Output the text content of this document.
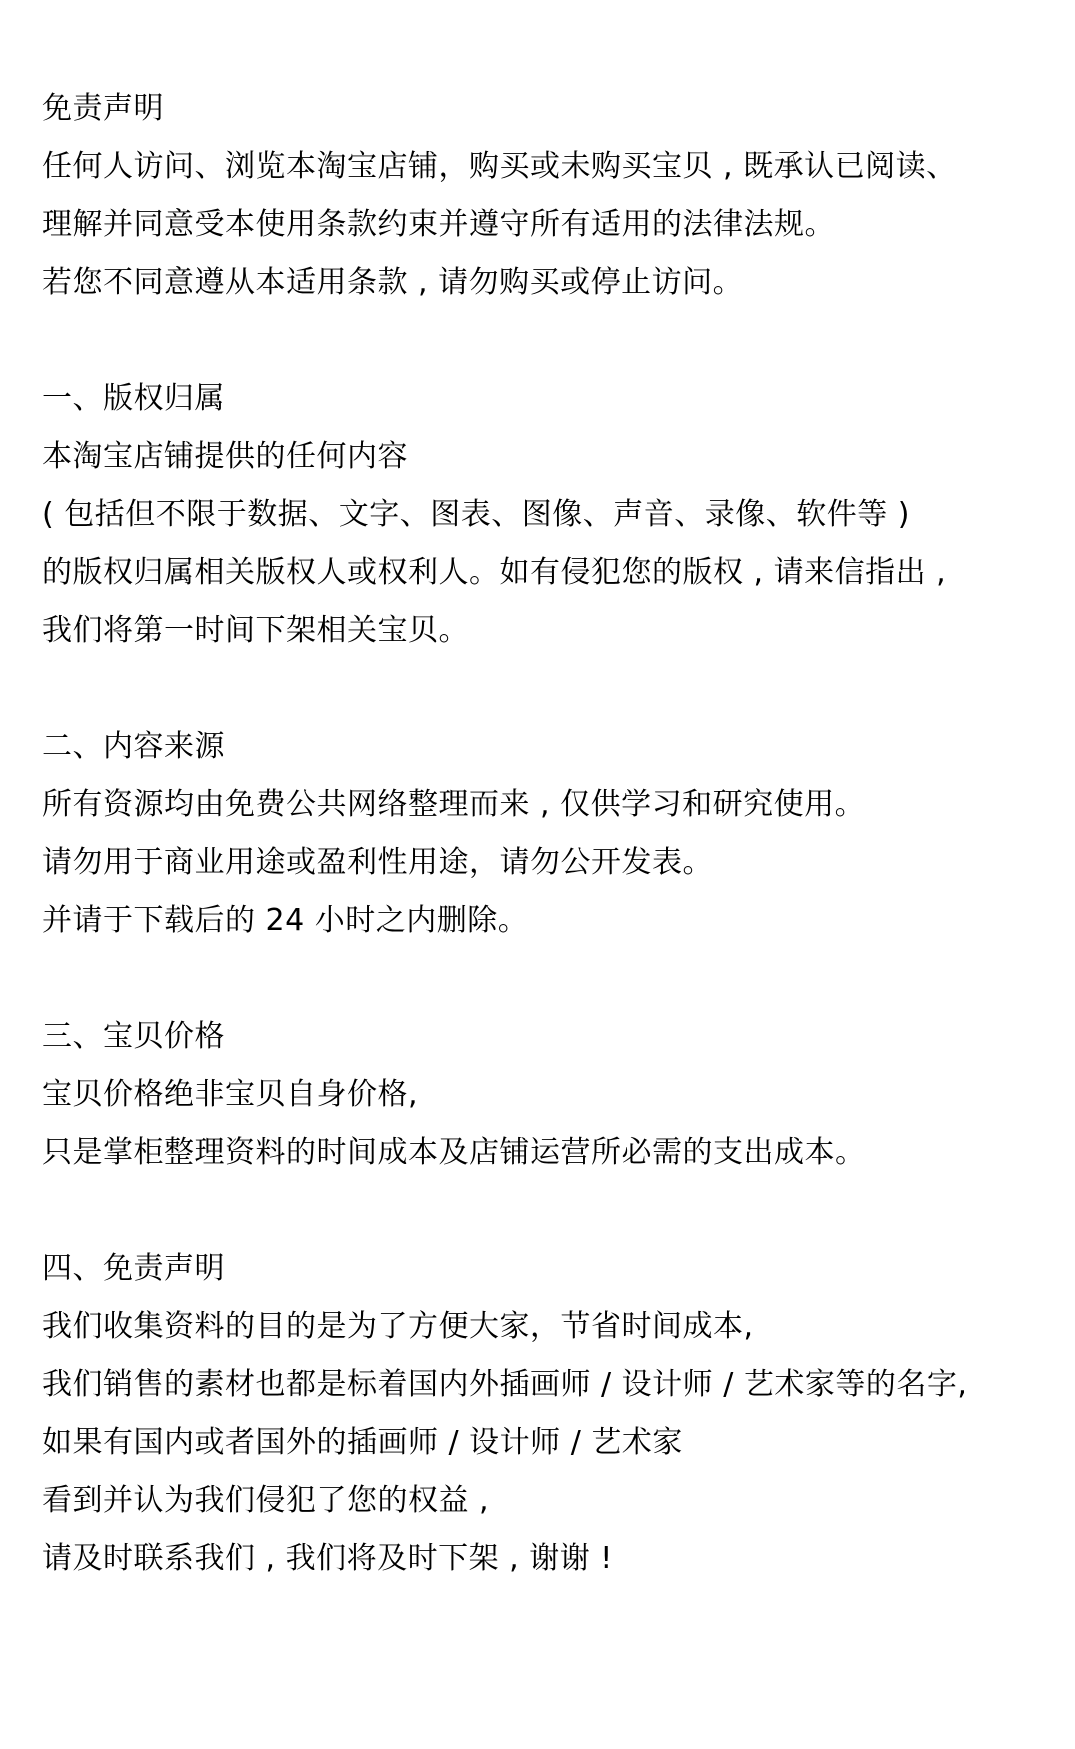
免责声明
任何人访问、浏览本淘宝店铺，购买或未购买宝贝 , 既承认已阅读、
理解并同意受本使用条款约束并遵守所有适用的法律法规。
若您不同意遵从本适用条款 , 请勿购买或停止访问。
一、版权归属
本淘宝店铺提供的任何内容
( 包括但不限于数据、文字、图表、图像、声音、录像、软件等 )
的版权归属相关版权人或权利人。如有侵犯您的版权 , 请来信指出 ,
我们将第一时间下架相关宝贝。
二、内容来源
所有资源均由免费公共网络整理而来 , 仅供学习和研究使用。
请勿用于商业用途或盈利性用途，请勿公开发表。
并请于下载后的 24 小时之内删除。
三、宝贝价格
宝贝价格绝非宝贝自身价格,
只是掌柜整理资料的时间成本及店铺运营所必需的支出成本。
四、免责声明
我们收集资料的目的是为了方便大家，节省时间成本,
我们销售的素材也都是标着国内外插画师 / 设计师 / 艺术家等的名字,
如果有国内或者国外的插画师 / 设计师 / 艺术家
看到并认为我们侵犯了您的权益 ,
请及时联系我们 , 我们将及时下架 , 谢谢 !
